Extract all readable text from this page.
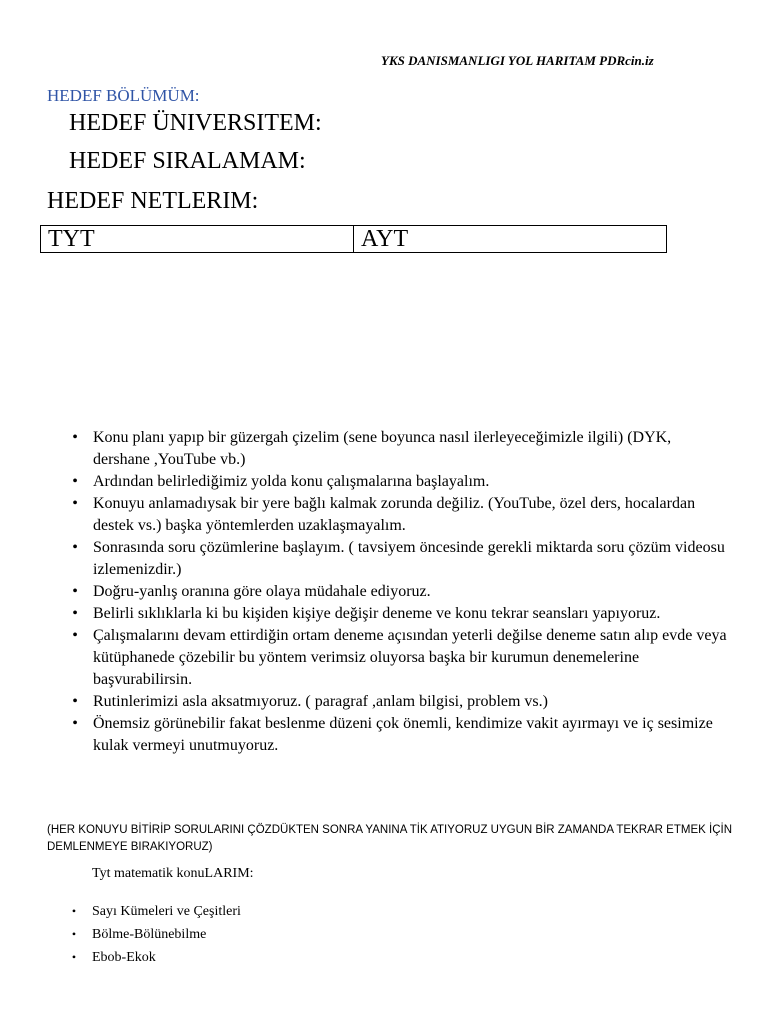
YKS DANISMANLIGI YOL HARITAM PDRcin.iz
HEDEF BÖLÜMÜM:
HEDEF ÜNIVERSITEM:
HEDEF SIRALAMAM:
HEDEF NETLERIM:
TYT	AYT
• Konu planı yapıp bir güzergah çizelim (sene boyunca nasıl ilerleyeceğimizle ilgili) (DYK, dershane ,YouTube vb.)
• Ardından belirlediğimiz yolda konu çalışmalarına başlayalım.
• Konuyu anlamadıysak bir yere bağlı kalmak zorunda değiliz. (YouTube, özel ders, hocalardan destek vs.) başka yöntemlerden uzaklaşmayalım.
• Sonrasında soru çözümlerine başlayım. ( tavsiyem öncesinde gerekli miktarda soru çözüm videosu izlemenizdir.)
• Doğru-yanlış oranına göre olaya müdahale ediyoruz.
• Belirli sıklıklarla ki bu kişiden kişiye değişir deneme ve konu tekrar seansları yapıyoruz.
• Çalışmalarını devam ettirdiğin ortam deneme açısından yeterli değilse deneme satın alıp evde veya kütüphanede çözebilir bu yöntem verimsiz oluyorsa başka bir kurumun denemelerine başvurabilirsin.
• Rutinlerimizi asla aksatmıyoruz. ( paragraf ,anlam bilgisi, problem vs.)
• Önemsiz görünebilir fakat beslenme düzeni çok önemli, kendimize vakit ayırmayı ve iç sesimize kulak vermeyi unutmuyoruz.
(HER KONUYU BİTİRİP SORULARINI ÇÖZDÜKTEN SONRA YANINA TİK ATIYORUZ UYGUN BİR ZAMANDA TEKRAR ETMEK İÇİN DEMLENMEYE BIRAKIYORUZ)
Tyt matematik konuLARIM:
• Sayı Kümeleri ve Çeşitleri
• Bölme-Bölünebilme
• Ebob-Ekok
